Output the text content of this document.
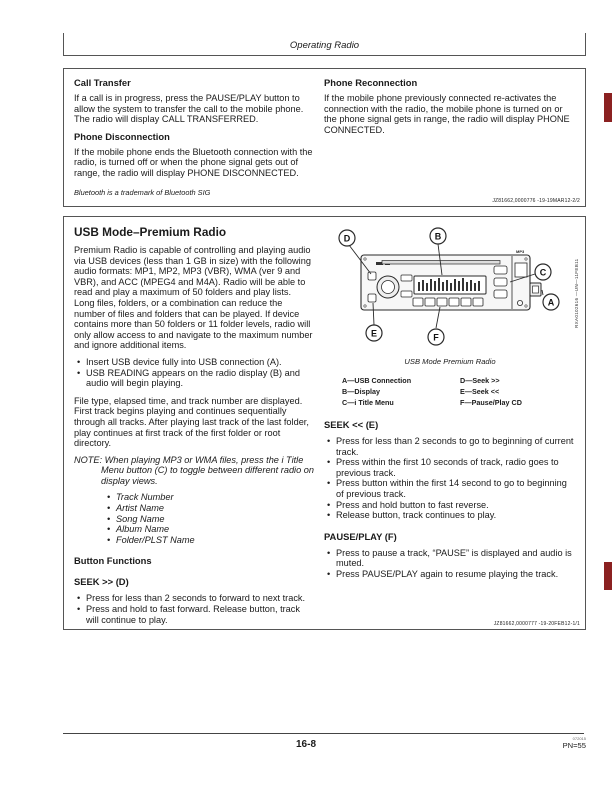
Operating Radio
Call Transfer

If a call is in progress, press the PAUSE/PLAY button to allow the system to transfer the call to the mobile phone. The radio will display CALL TRANSFERRED.

Phone Disconnection

If the mobile phone ends the Bluetooth connection with the radio, is turned off or when the phone signal gets out of range, the radio will display PHONE DISCONNECTED.

Bluetooth is a trademark of Bluetooth SIG
Phone Reconnection

If the mobile phone previously connected re-activates the connection with the radio, the mobile phone is turned on or the phone signal gets in range, the radio will display PHONE CONNECTED.

JZ81662,0000776 -19-19MAR12-2/2
USB Mode–Premium Radio

Premium Radio is capable of controlling and playing audio via USB devices (less than 1 GB in size) with the following audio formats: MP1, MP2, MP3 (VBR), WMA (ver 9 and VBR), and ACC (MPEG4 and M4A). Radio will be able to read and play a maximum of 50 folders and play lists. Long files, folders, or a combination can reduce the number of files and folders that can be played. If device contains more than 50 folders or 11 folder levels, radio will only allow access to and navigate to the maximum number and ignore additional items.

• Insert USB device fully into USB connection (A).
• USB READING appears on the radio display (B) and audio will begin playing.

File type, elapsed time, and track number are displayed. First track begins playing and continues sequentially through all tracks. After playing last track of the last folder, play continues at first track of the first folder or root directory.

NOTE: When playing MP3 or WMA files, press the i Title Menu button (C) to toggle between different radio on display views.

• Track Number
• Artist Name
• Song Name
• Album Name
• Folder/PLST Name
Button Functions
SEEK >> (D)
• Press for less than 2 seconds to forward to next track.
• Press and hold to fast forward. Release button, track will continue to play.
MP3
D	B
C
A
E	F
RXA0102616 —UN—11FEB11
USB Mode Premium Radio
A—USB Connection	D—Seek >>
B—Display	E—Seek <<
C—i Title Menu	F—Pause/Play CD
SEEK << (E)
• Press for less than 2 seconds to go to beginning of current track.
• Press within the first 10 seconds of track, radio goes to previous track.
• Press button within the first 14 second to go to beginning of previous track.
• Press and hold button to fast reverse.
• Release button, track continues to play.
PAUSE/PLAY (F)
• Press to pause a track, “PAUSE” is displayed and audio is muted.
• Press PAUSE/PLAY again to resume playing the track.
JZ81662,0000777 -19-20FEB12-1/1
16-8
072015
PN=55
